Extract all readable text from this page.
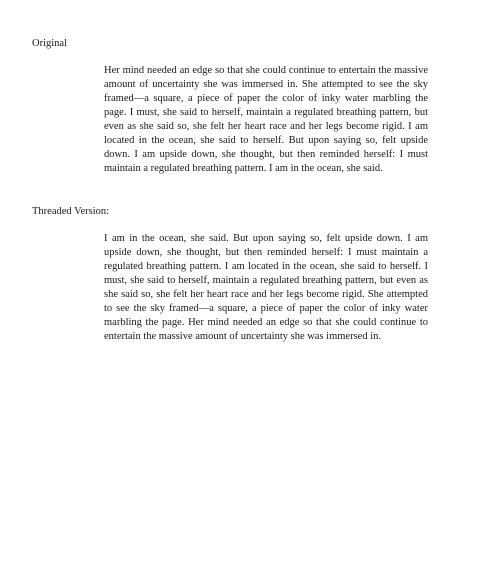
Original

Her mind needed an edge so that she could continue to entertain the massive amount of uncertainty she was immersed in. She attempted to see the sky framed—a square, a piece of paper the color of inky water marbling the page. I must, she said to herself, maintain a regulated breathing pattern, but even as she said so, she felt her heart race and her legs become rigid. I am located in the ocean, she said to herself. But upon saying so, felt upside down. I am upside down, she thought, but then reminded herself: I must maintain a regulated breathing pattern. I am in the ocean, she said.

Threaded Version:

I am in the ocean, she said. But upon saying so, felt upside down. I am upside down, she thought, but then reminded herself: I must maintain a regulated breathing pattern. I am located in the ocean, she said to herself. I must, she said to herself, maintain a regulated breathing pattern, but even as she said so, she felt her heart race and her legs become rigid. She attempted to see the sky framed—a square, a piece of paper the color of inky water marbling the page. Her mind needed an edge so that she could continue to entertain the massive amount of uncertainty she was immersed in.
